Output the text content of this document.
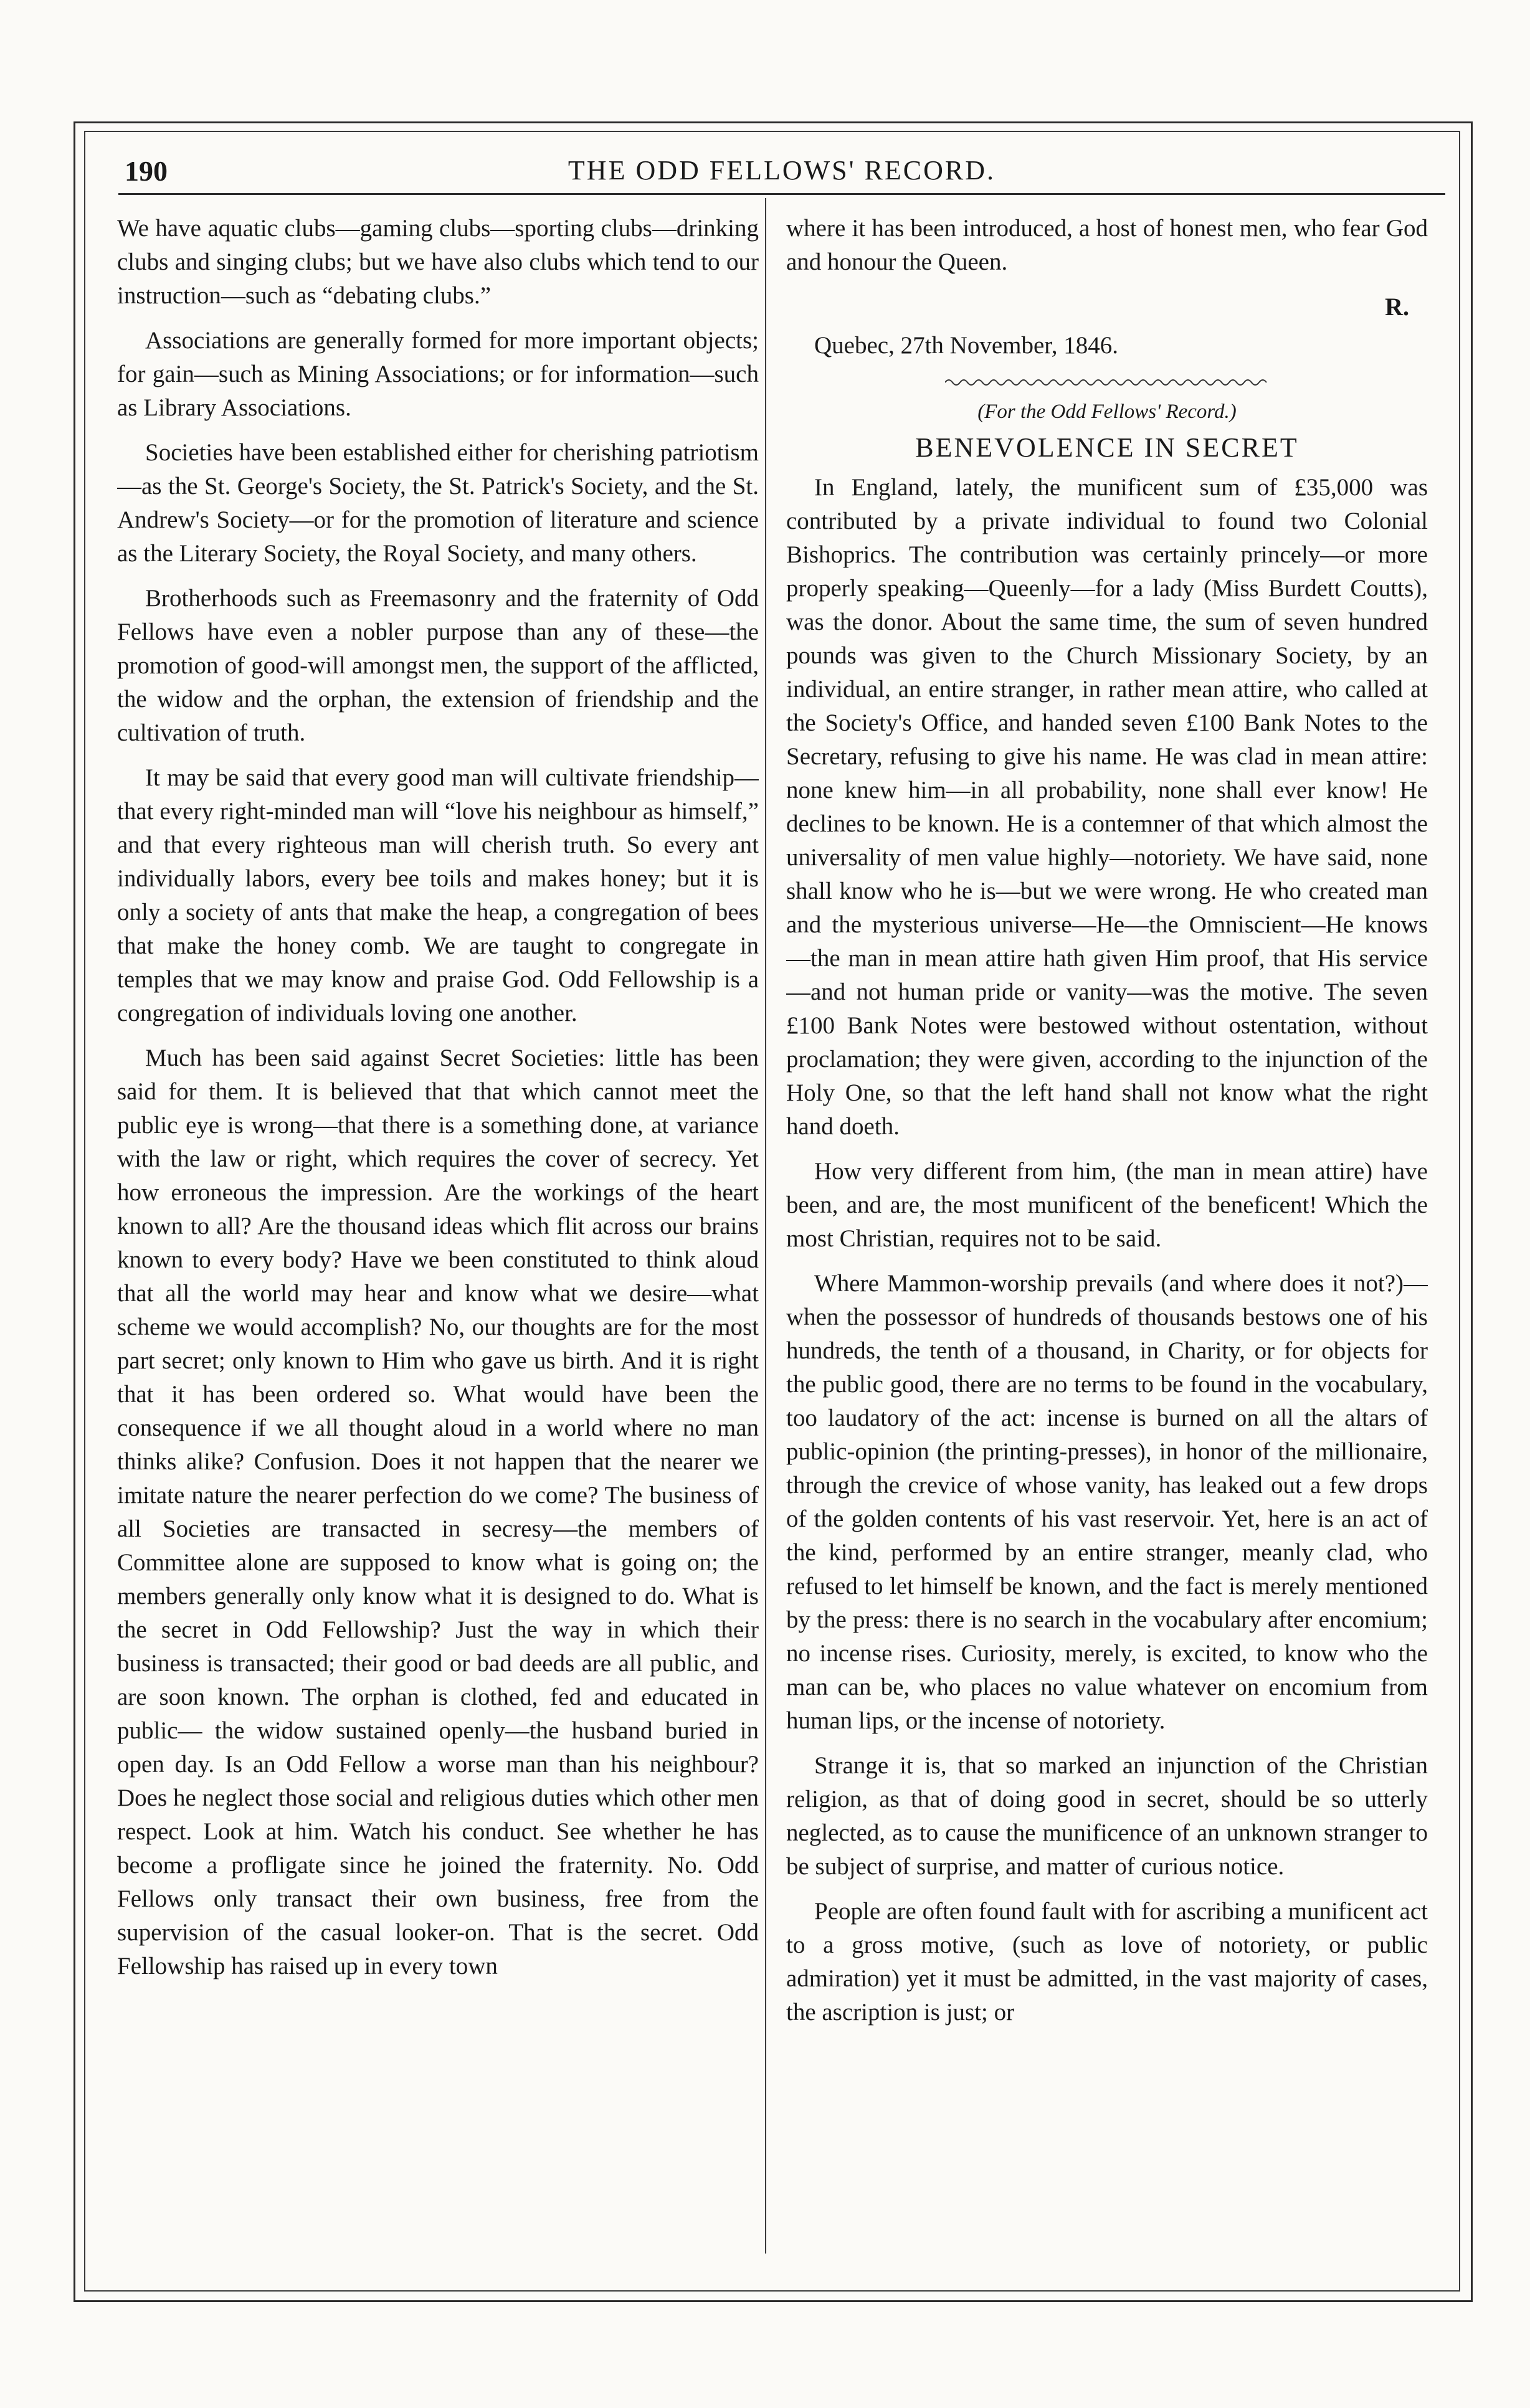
190	THE ODD FELLOWS' RECORD.

We have aquatic clubs—gaming clubs—sporting clubs—drinking clubs and singing clubs; but we have also clubs which tend to our instruction—such as “debating clubs.”

Associations are generally formed for more important objects; for gain—such as Mining Associations; or for information—such as Library Associations.

Societies have been established either for cherishing patriotism—as the St. George's Society, the St. Patrick's Society, and the St. Andrew's Society—or for the promotion of literature and science as the Literary Society, the Royal Society, and many others.

Brotherhoods such as Freemasonry and the fraternity of Odd Fellows have even a nobler purpose than any of these—the promotion of good-will amongst men, the support of the afflicted, the widow and the orphan, the extension of friendship and the cultivation of truth.

It may be said that every good man will cultivate friendship—that every right-minded man will “love his neighbour as himself,” and that every righteous man will cherish truth. So every ant individually labors, every bee toils and makes honey; but it is only a society of ants that make the heap, a congregation of bees that make the honey comb. We are taught to congregate in temples that we may know and praise God. Odd Fellowship is a congregation of individuals loving one another.

Much has been said against Secret Societies: little has been said for them. It is believed that that which cannot meet the public eye is wrong—that there is a something done, at variance with the law or right, which requires the cover of secrecy. Yet how erroneous the impression. Are the workings of the heart known to all? Are the thousand ideas which flit across our brains known to every body? Have we been constituted to think aloud that all the world may hear and know what we desire—what scheme we would accomplish? No, our thoughts are for the most part secret; only known to Him who gave us birth. And it is right that it has been ordered so. What would have been the consequence if we all thought aloud in a world where no man thinks alike? Confusion. Does it not happen that the nearer we imitate nature the nearer perfection do we come? The business of all Societies are transacted in secresy—the members of Committee alone are supposed to know what is going on; the members generally only know what it is designed to do. What is the secret in Odd Fellowship? Just the way in which their business is transacted; their good or bad deeds are all public, and are soon known. The orphan is clothed, fed and educated in public— the widow sustained openly—the husband buried in open day. Is an Odd Fellow a worse man than his neighbour? Does he neglect those social and religious duties which other men respect. Look at him. Watch his conduct. See whether he has become a profligate since he joined the fraternity. No. Odd Fellows only transact their own business, free from the supervision of the casual looker-on. That is the secret. Odd Fellowship has raised up in every town

where it has been introduced, a host of honest men, who fear God and honour the Queen.

R.
Quebec, 27th November, 1846.
(For the Odd Fellows' Record.)
BENEVOLENCE IN SECRET

In England, lately, the munificent sum of £35,000 was contributed by a private individual to found two Colonial Bishoprics. The contribution was certainly princely—or more properly speaking—Queenly—for a lady (Miss Burdett Coutts), was the donor. About the same time, the sum of seven hundred pounds was given to the Church Missionary Society, by an individual, an entire stranger, in rather mean attire, who called at the Society's Office, and handed seven £100 Bank Notes to the Secretary, refusing to give his name. He was clad in mean attire: none knew him—in all probability, none shall ever know! He declines to be known. He is a contemner of that which almost the universality of men value highly—notoriety. We have said, none shall know who he is—but we were wrong. He who created man and the mysterious universe—He—the Omniscient—He knows—the man in mean attire hath given Him proof, that His service—and not human pride or vanity—was the motive. The seven £100 Bank Notes were bestowed without ostentation, without proclamation; they were given, according to the injunction of the Holy One, so that the left hand shall not know what the right hand doeth.

How very different from him, (the man in mean attire) have been, and are, the most munificent of the beneficent! Which the most Christian, requires not to be said.

Where Mammon-worship prevails (and where does it not?)—when the possessor of hundreds of thousands bestows one of his hundreds, the tenth of a thousand, in Charity, or for objects for the public good, there are no terms to be found in the vocabulary, too laudatory of the act: incense is burned on all the altars of public-opinion (the printing-presses), in honor of the millionaire, through the crevice of whose vanity, has leaked out a few drops of the golden contents of his vast reservoir. Yet, here is an act of the kind, performed by an entire stranger, meanly clad, who refused to let himself be known, and the fact is merely mentioned by the press: there is no search in the vocabulary after encomium; no incense rises. Curiosity, merely, is excited, to know who the man can be, who places no value whatever on encomium from human lips, or the incense of notoriety.

Strange it is, that so marked an injunction of the Christian religion, as that of doing good in secret, should be so utterly neglected, as to cause the munificence of an unknown stranger to be subject of surprise, and matter of curious notice.

People are often found fault with for ascribing a munificent act to a gross motive, (such as love of notoriety, or public admiration) yet it must be admitted, in the vast majority of cases, the ascription is just; or
